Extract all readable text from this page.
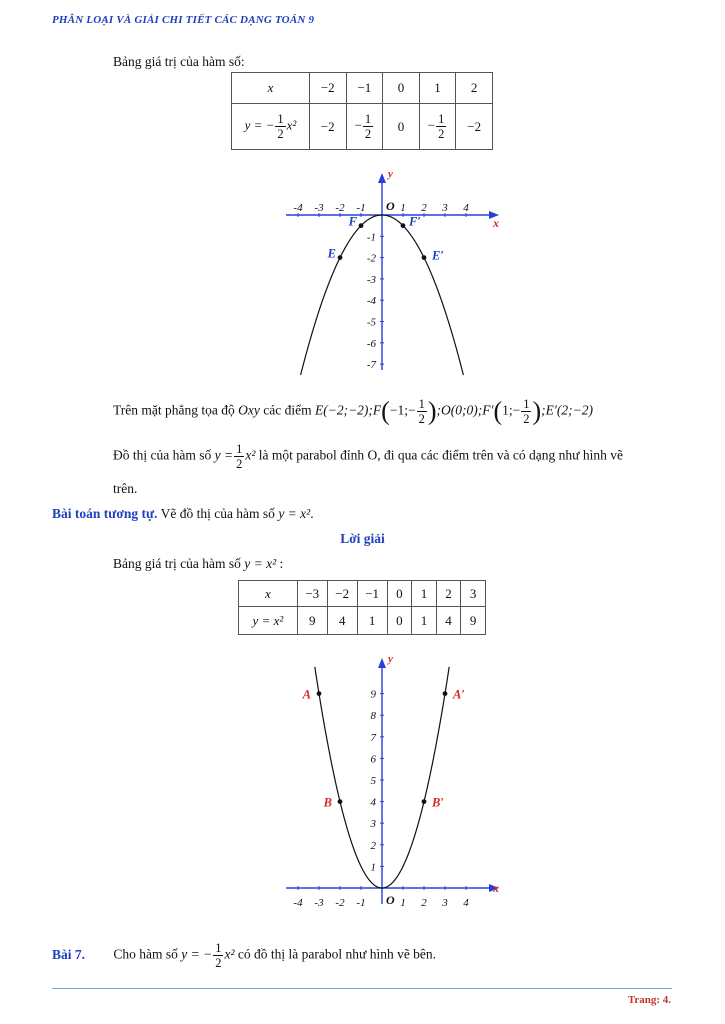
PHÂN LOẠI VÀ GIẢI CHI TIẾT CÁC DẠNG TOÁN 9
Bảng giá trị của hàm số:
x	−2	−1	0	1	2
y = − $\frac{1}{2} x^2$	−2	− $\frac{1}{2}$	0	− $\frac{1}{2}$	−2
y
x
O
-4 -3 -2 -1	1 2 3 4
-1
-2
-3
-4
-5
-6
-7
F	F′
E	E′
Trên mặt phẳng tọa độ Oxy các điểm E(−2;−2);F(−1;− $\frac{1}{2}$ );O(0;0);F′(1;− $\frac{1}{2}$ );E′(2;−2)
Đồ thị của hàm số $y = \frac{1}{2} x^2$ là một parabol đỉnh O, đi qua các điểm trên và có dạng như hình vẽ
trên.
Bài toán tương tự. Vẽ đồ thị của hàm số y = x².
Lời giải
Bảng giá trị của hàm số y = x² :
x	−3	−2	−1	0	1	2	3
y = x²	9	4	1	0	1	4	9
y
x
O
-4 -3 -2 -1	1 2 3 4
1
2
3
4
5
6
7
8
9
A	A′
B	B′
Bài 7. Cho hàm số y = − $\frac{1}{2} x^2$ có đồ thị là parabol như hình vẽ bên.
Trang: 4.
